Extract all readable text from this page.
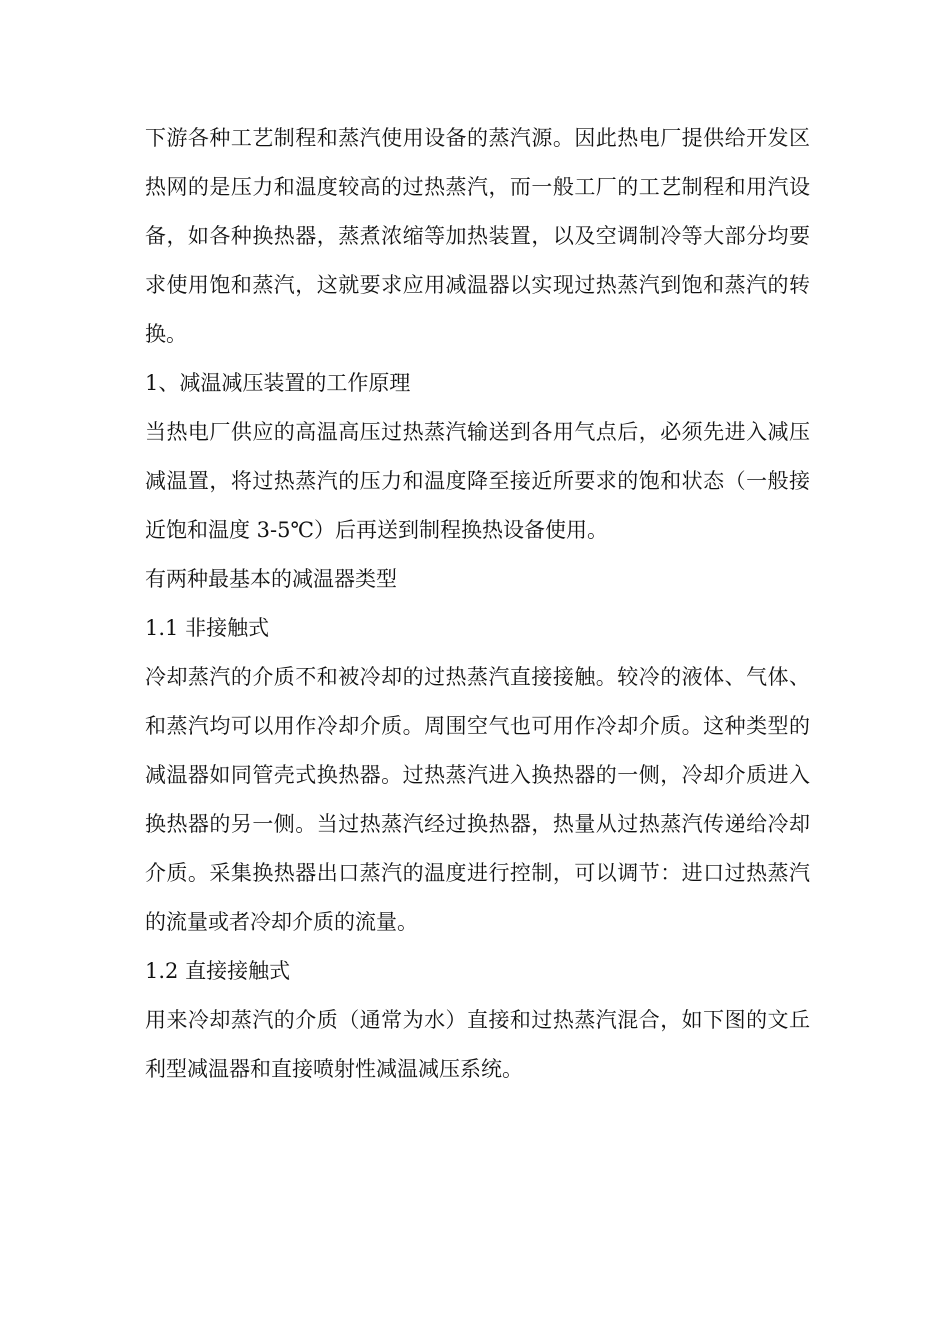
下游各种工艺制程和蒸汽使用设备的蒸汽源。因此热电厂提供给开发区热网的是压力和温度较高的过热蒸汽，而一般工厂的工艺制程和用汽设备，如各种换热器，蒸煮浓缩等加热装置，以及空调制冷等大部分均要求使用饱和蒸汽，这就要求应用减温器以实现过热蒸汽到饱和蒸汽的转换。

1、减温减压装置的工作原理

当热电厂供应的高温高压过热蒸汽输送到各用气点后，必须先进入减压减温置，将过热蒸汽的压力和温度降至接近所要求的饱和状态（一般接近饱和温度 3-5℃）后再送到制程换热设备使用。

有两种最基本的减温器类型

1.1 非接触式

冷却蒸汽的介质不和被冷却的过热蒸汽直接接触。较冷的液体、气体、和蒸汽均可以用作冷却介质。周围空气也可用作冷却介质。这种类型的减温器如同管壳式换热器。过热蒸汽进入换热器的一侧，冷却介质进入换热器的另一侧。当过热蒸汽经过换热器，热量从过热蒸汽传递给冷却介质。采集换热器出口蒸汽的温度进行控制，可以调节：进口过热蒸汽的流量或者冷却介质的流量。

1.2 直接接触式

用来冷却蒸汽的介质（通常为水）直接和过热蒸汽混合，如下图的文丘利型减温器和直接喷射性减温减压系统。
